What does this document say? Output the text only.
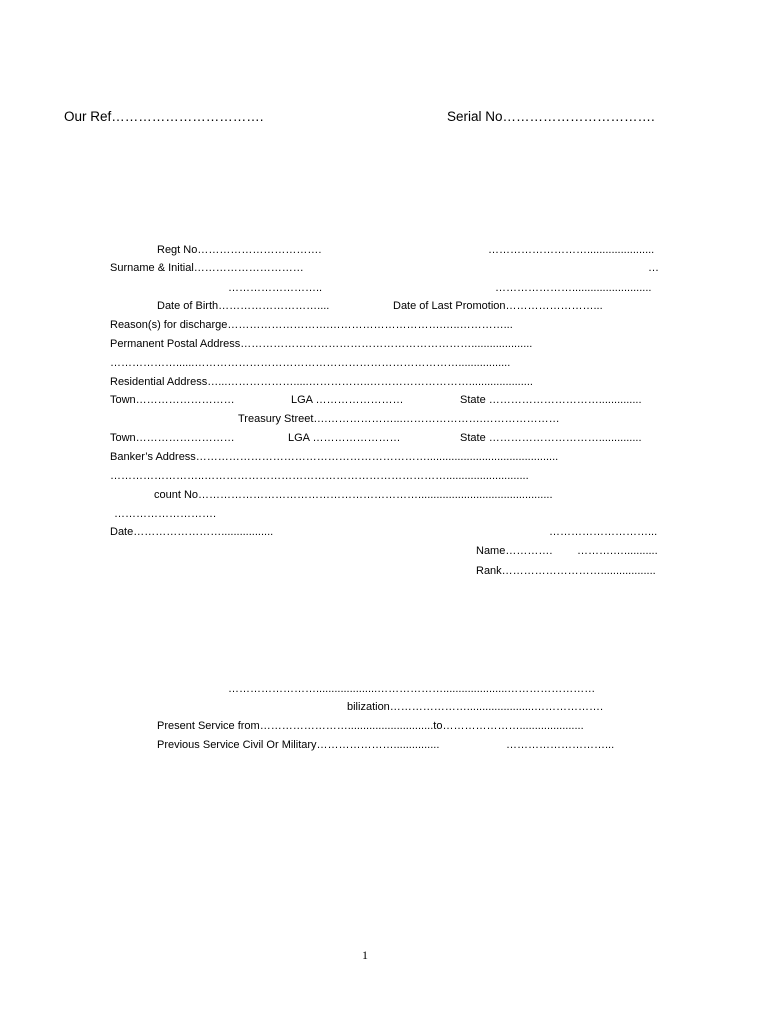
Our Ref…………………………….	Serial No…………………………….
Regt No…………………………….	………………………......................
Surname & Initial…………………………	…
……………………..	…………………..........................
Date of Birth………………………....	Date of Last Promotion……………………...
Reason(s) for discharge……………………….………………………….…..…………...
Permanent Postal Address………………………………………………………....................
………………......……………………………………………………………….................
Residential Address…...……………….....……………..……………………….....................
Town………………………	LGA ……………………	State …………………………..............
Treasury Street….………………...………………….…………………
Town………………………	LGA ……………………	State …………………………..............
Banker’s Address………………………………………………………...........................................
……………………..…………………………………………………………...........................
count No……………………………………………………............................................
……………………….
Date…………………….................	………………………...
Name…………. ……….…...........
Rank………………………..................
……………………....................……………….....................……………………
bilization…………………......................……………….
Present Service from……………………............................to………………….....................
Previous Service Civil Or Military…………………...............	………………………...
1
